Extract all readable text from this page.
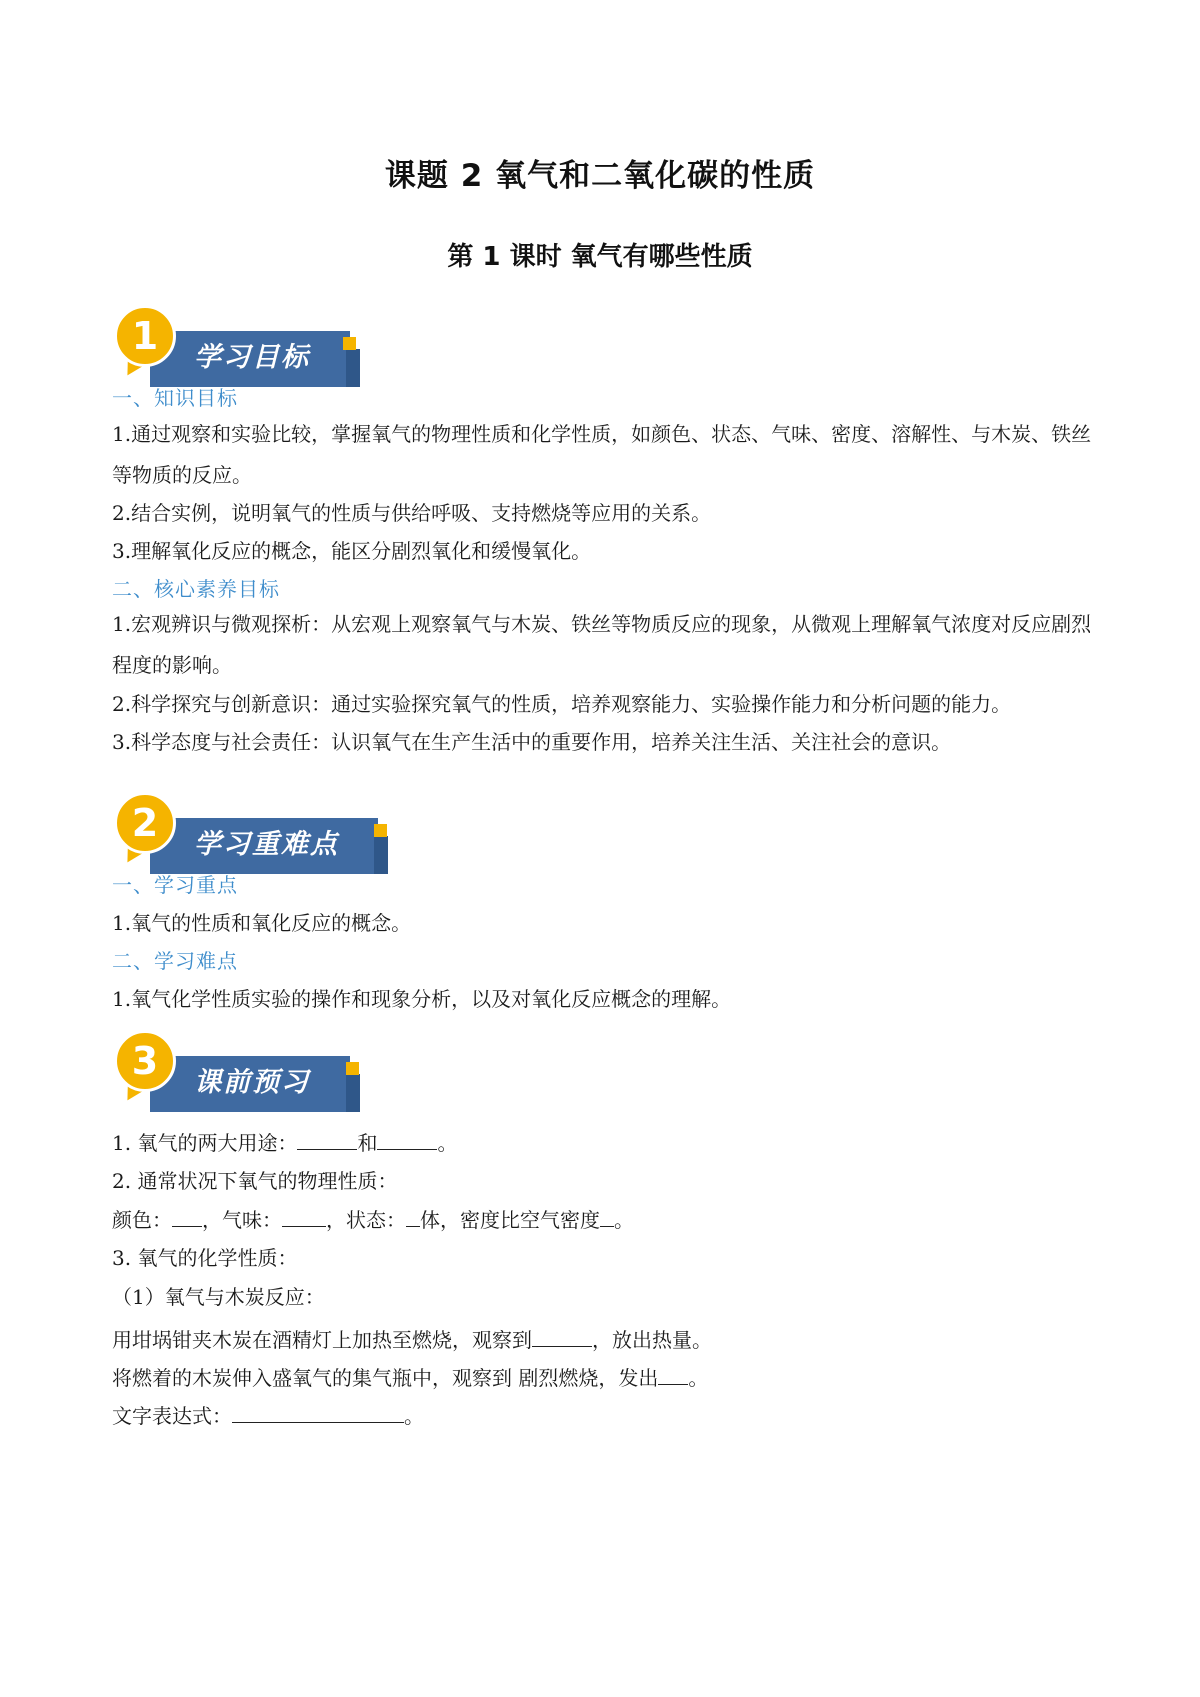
课题 2 氧气和二氧化碳的性质
第 1 课时 氧气有哪些性质
1	学习目标
一、知识目标
1.通过观察和实验比较，掌握氧气的物理性质和化学性质，如颜色、状态、气味、密度、溶解性、与木炭、铁丝等物质的反应。
2.结合实例，说明氧气的性质与供给呼吸、支持燃烧等应用的关系。
3.理解氧化反应的概念，能区分剧烈氧化和缓慢氧化。
二、核心素养目标
1.宏观辨识与微观探析：从宏观上观察氧气与木炭、铁丝等物质反应的现象，从微观上理解氧气浓度对反应剧烈程度的影响。
2.科学探究与创新意识：通过实验探究氧气的性质，培养观察能力、实验操作能力和分析问题的能力。
3.科学态度与社会责任：认识氧气在生产生活中的重要作用，培养关注生活、关注社会的意识。
2	学习重难点
一、学习重点
1.氧气的性质和氧化反应的概念。
二、学习难点
1.氧气化学性质实验的操作和现象分析，以及对氧化反应概念的理解。
3	课前预习
1. 氧气的两大用途：	和	。
2. 通常状况下氧气的物理性质：
颜色： ，气味： ，状态： 体，密度比空气密度 。
3. 氧气的化学性质：
（1）氧气与木炭反应：
用坩埚钳夹木炭在酒精灯上加热至燃烧，观察到	，放出热量。
将燃着的木炭伸入盛氧气的集气瓶中，观察到 剧烈燃烧，发出 。
文字表达式：	。
